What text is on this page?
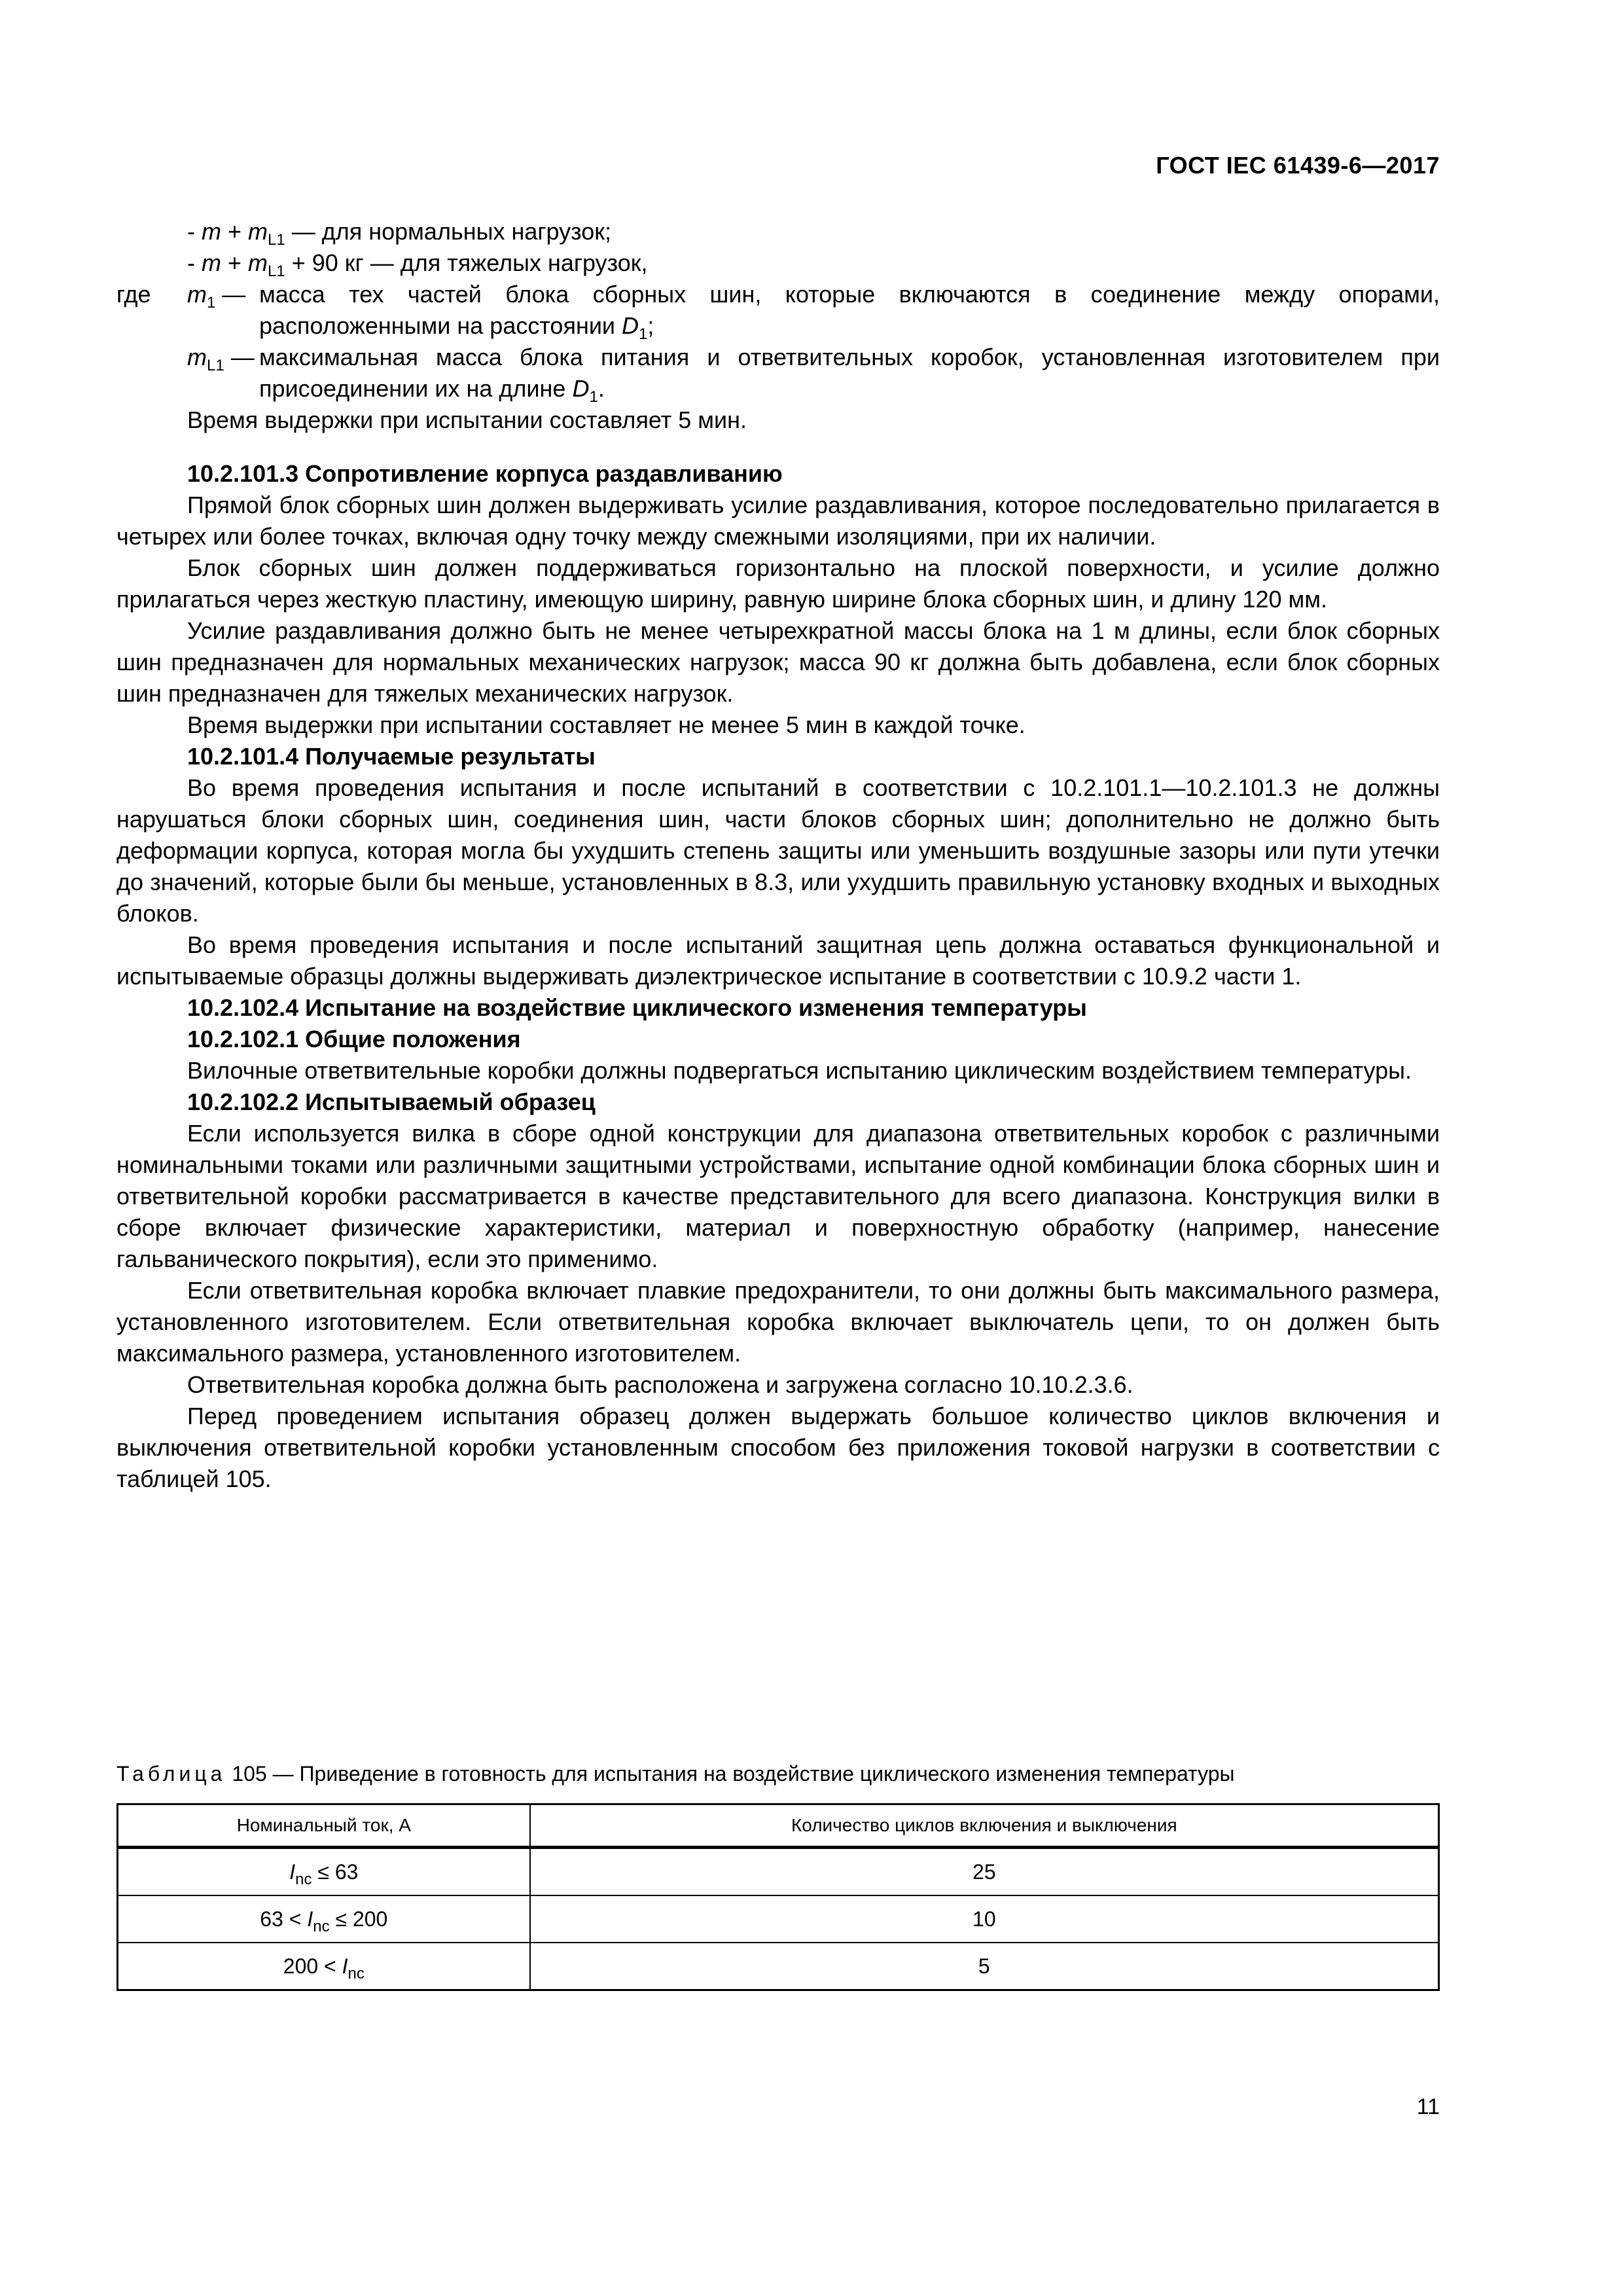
ГОСТ IEC 61439-6—2017

- $m + m_{L1}$ — для нормальных нагрузок;

- $m + m_{L1} + 90$ кг — для тяжелых нагрузок,

где $m_1$ — масса тех частей блока сборных шин, которые включаются в соединение между опорами, расположенными на расстоянии $D_1$;
$m_{L1}$ — максимальная масса блока питания и ответвительных коробок, установленная изготовителем при присоединении их на длине $D_1$.

Время выдержки при испытании составляет 5 мин.

10.2.101.3 Сопротивление корпуса раздавливанию

Прямой блок сборных шин должен выдерживать усилие раздавливания, которое последовательно прилагается в четырех или более точках, включая одну точку между смежными изоляциями, при их наличии.

Блок сборных шин должен поддерживаться горизонтально на плоской поверхности, и усилие должно прилагаться через жесткую пластину, имеющую ширину, равную ширине блока сборных шин, и длину 120 мм.

Усилие раздавливания должно быть не менее четырехкратной массы блока на 1 м длины, если блок сборных шин предназначен для нормальных механических нагрузок; масса 90 кг должна быть добавлена, если блок сборных шин предназначен для тяжелых механических нагрузок.

Время выдержки при испытании составляет не менее 5 мин в каждой точке.

10.2.101.4 Получаемые результаты

Во время проведения испытания и после испытаний в соответствии с 10.2.101.1—10.2.101.3 не должны нарушаться блоки сборных шин, соединения шин, части блоков сборных шин; дополнительно не должно быть деформации корпуса, которая могла бы ухудшить степень защиты или уменьшить воздушные зазоры или пути утечки до значений, которые были бы меньше, установленных в 8.3, или ухудшить правильную установку входных и выходных блоков.

Во время проведения испытания и после испытаний защитная цепь должна оставаться функциональной и испытываемые образцы должны выдерживать диэлектрическое испытание в соответствии с 10.9.2 части 1.

10.2.102.4 Испытание на воздействие циклического изменения температуры

10.2.102.1 Общие положения

Вилочные ответвительные коробки должны подвергаться испытанию циклическим воздействием температуры.

10.2.102.2 Испытываемый образец

Если используется вилка в сборе одной конструкции для диапазона ответвительных коробок с различными номинальными токами или различными защитными устройствами, испытание одной комбинации блока сборных шин и ответвительной коробки рассматривается в качестве представительного для всего диапазона. Конструкция вилки в сборе включает физические характеристики, материал и поверхностную обработку (например, нанесение гальванического покрытия), если это применимо.

Если ответвительная коробка включает плавкие предохранители, то они должны быть максимального размера, установленного изготовителем. Если ответвительная коробка включает выключатель цепи, то он должен быть максимального размера, установленного изготовителем.

Ответвительная коробка должна быть расположена и загружена согласно 10.10.2.3.6.

Перед проведением испытания образец должен выдержать большое количество циклов включения и выключения ответвительной коробки установленным способом без приложения токовой нагрузки в соответствии с таблицей 105.

Таблица 105 — Приведение в готовность для испытания на воздействие циклического изменения температуры
Номинальный ток, А	Количество циклов включения и выключения
$I_{nc} \le 63$	25
$63 < I_{nc} \le 200$	10
$200 < I_{nc}$	5
11
